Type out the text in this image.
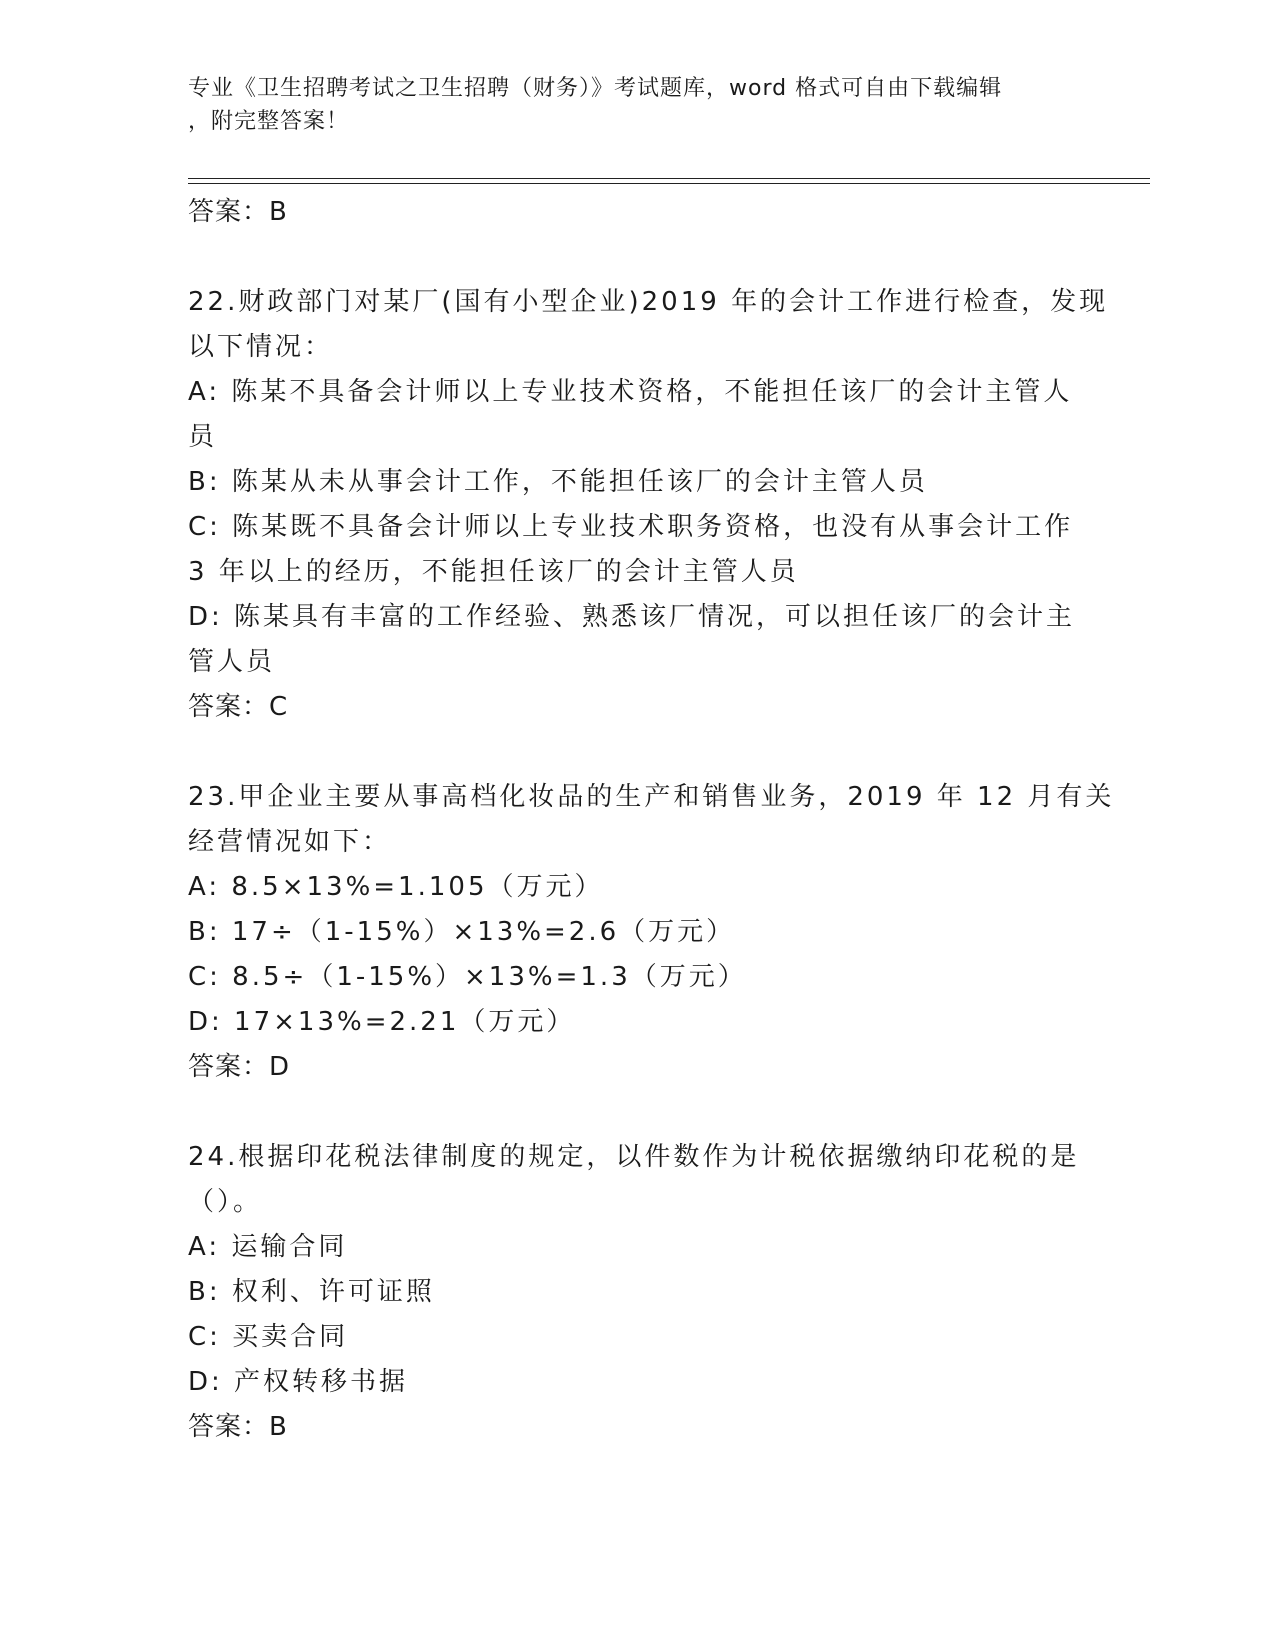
专业《卫生招聘考试之卫生招聘（财务）》考试题库，word 格式可自由下载编辑
，附完整答案！
答案：B
22.财政部门对某厂(国有小型企业)2019 年的会计工作进行检查，发现
以下情况：
A: 陈某不具备会计师以上专业技术资格，不能担任该厂的会计主管人
员
B: 陈某从未从事会计工作，不能担任该厂的会计主管人员
C: 陈某既不具备会计师以上专业技术职务资格，也没有从事会计工作
3 年以上的经历，不能担任该厂的会计主管人员
D: 陈某具有丰富的工作经验、熟悉该厂情况，可以担任该厂的会计主
管人员
答案：C
23.甲企业主要从事高档化妆品的生产和销售业务，2019 年 12 月有关
经营情况如下：
A: 8.5×13%=1.105（万元）
B: 17÷（1-15%）×13%=2.6（万元）
C: 8.5÷（1-15%）×13%=1.3（万元）
D: 17×13%=2.21（万元）
答案：D
24.根据印花税法律制度的规定，以件数作为计税依据缴纳印花税的是
（）。
A: 运输合同
B: 权利、许可证照
C: 买卖合同
D: 产权转移书据
答案：B
